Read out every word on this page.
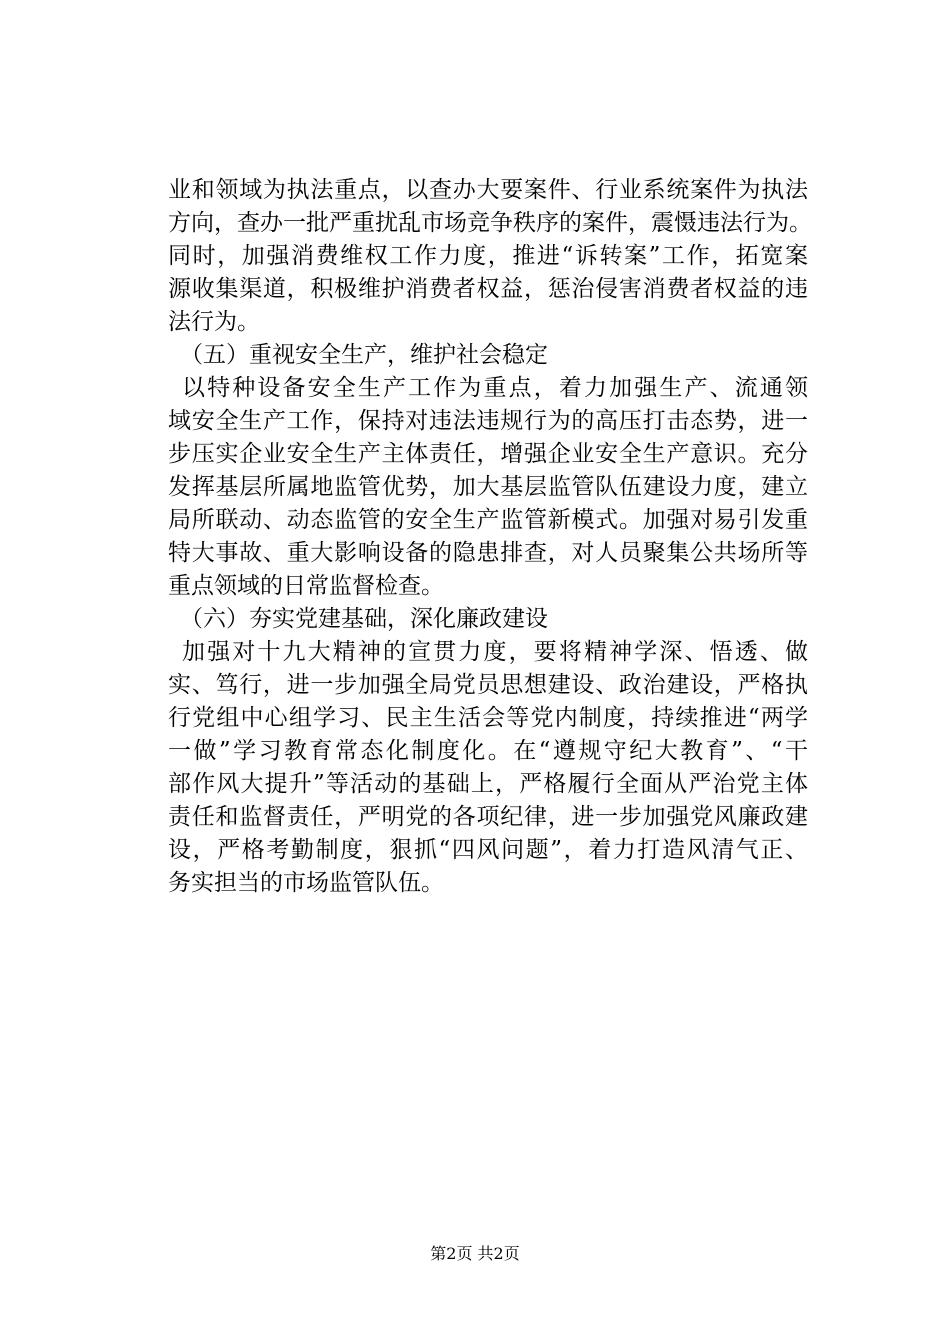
业和领域为执法重点，以查办大要案件、行业系统案件为执法
方向，查办一批严重扰乱市场竞争秩序的案件，震慑违法行为。
同时，加强消费维权工作力度，推进“诉转案”工作，拓宽案
源收集渠道，积极维护消费者权益，惩治侵害消费者权益的违
法行为。
（五）重视安全生产，维护社会稳定
以特种设备安全生产工作为重点，着力加强生产、流通领
域安全生产工作，保持对违法违规行为的高压打击态势，进一
步压实企业安全生产主体责任，增强企业安全生产意识。充分
发挥基层所属地监管优势，加大基层监管队伍建设力度，建立
局所联动、动态监管的安全生产监管新模式。加强对易引发重
特大事故、重大影响设备的隐患排查，对人员聚集公共场所等
重点领域的日常监督检查。
（六）夯实党建基础，深化廉政建设
加强对十九大精神的宣贯力度，要将精神学深、悟透、做
实、笃行，进一步加强全局党员思想建设、政治建设，严格执
行党组中心组学习、民主生活会等党内制度，持续推进“两学
一做”学习教育常态化制度化。在“遵规守纪大教育”、“干
部作风大提升”等活动的基础上，严格履行全面从严治党主体
责任和监督责任，严明党的各项纪律，进一步加强党风廉政建
设，严格考勤制度，狠抓“四风问题”，着力打造风清气正、
务实担当的市场监管队伍。
第2页 共2页
